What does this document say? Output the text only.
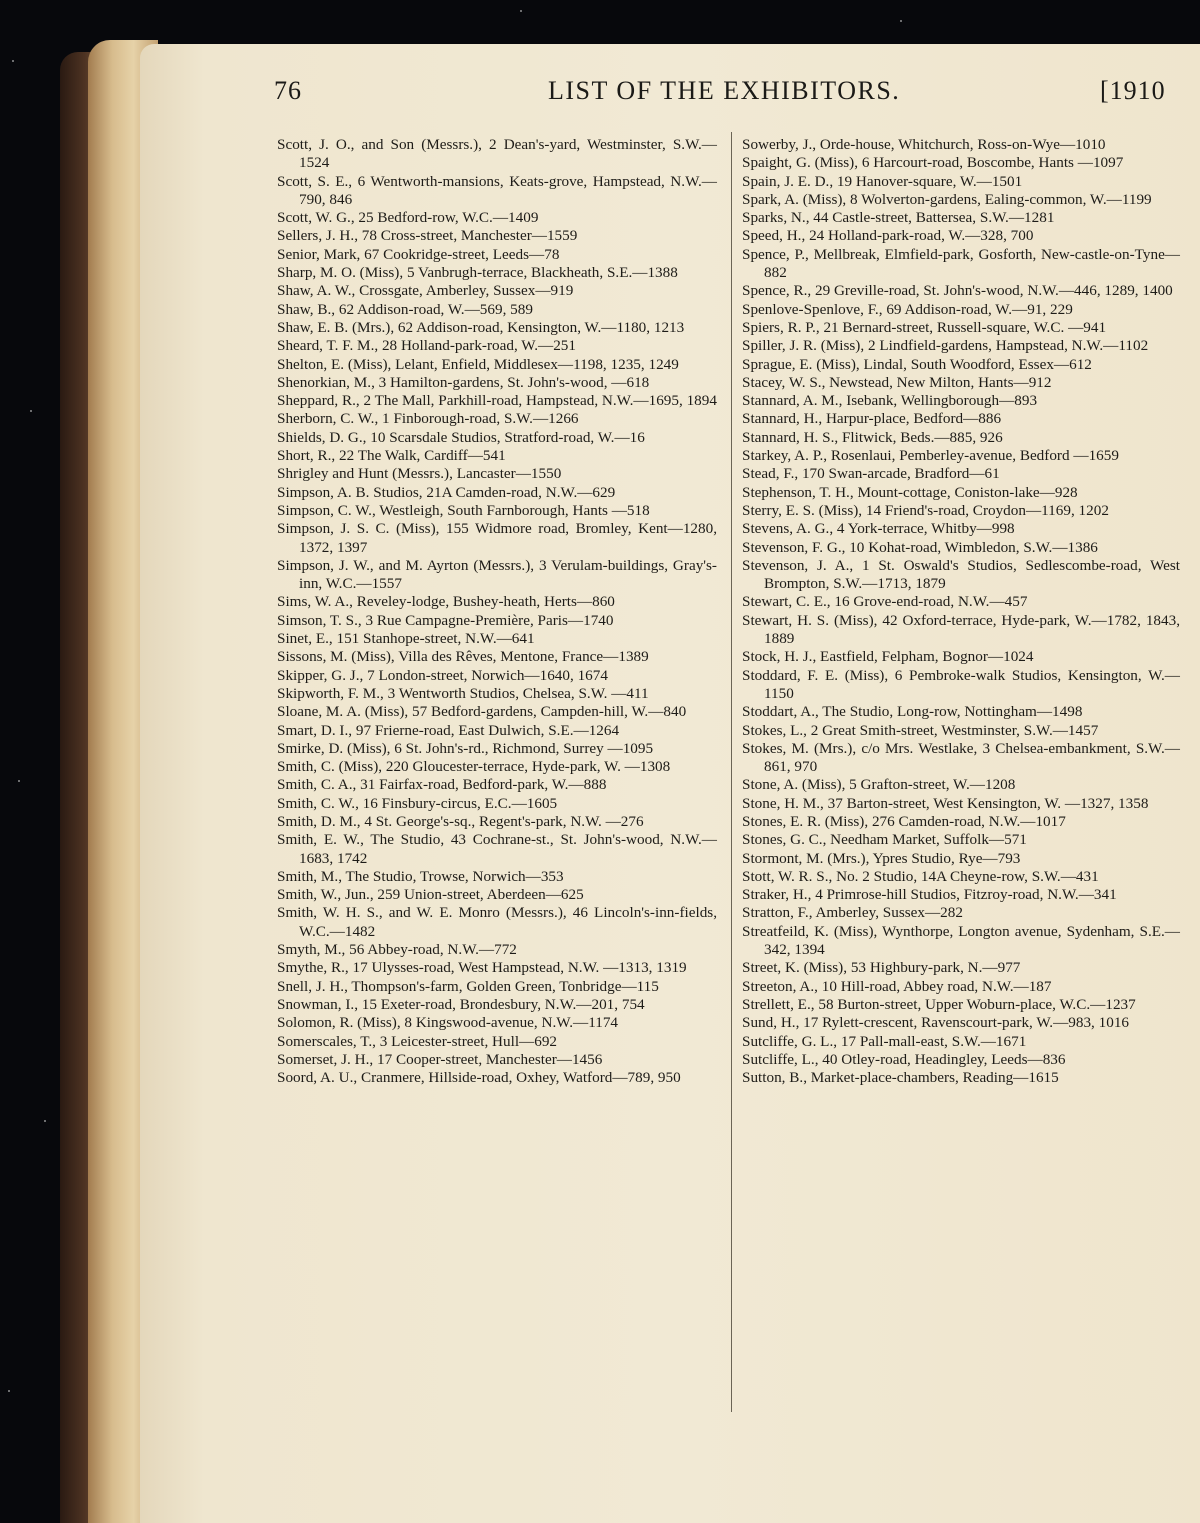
76	LIST OF THE EXHIBITORS.	[1910

Scott, J. O., and Son (Messrs.), 2 Dean's-yard, Westminster, S.W.—1524

Scott, S. E., 6 Wentworth-mansions, Keats-grove, Hampstead, N.W.—790, 846

Scott, W. G., 25 Bedford-row, W.C.—1409

Sellers, J. H., 78 Cross-street, Manchester—1559

Senior, Mark, 67 Cookridge-street, Leeds—78

Sharp, M. O. (Miss), 5 Vanbrugh-terrace, Blackheath, S.E.—1388

Shaw, A. W., Crossgate, Amberley, Sussex—919

Shaw, B., 62 Addison-road, W.—569, 589

Shaw, E. B. (Mrs.), 62 Addison-road, Kensington, W.—1180, 1213

Sheard, T. F. M., 28 Holland-park-road, W.—251

Shelton, E. (Miss), Lelant, Enfield, Middlesex—1198, 1235, 1249

Shenorkian, M., 3 Hamilton-gardens, St. John's-wood, —618

Sheppard, R., 2 The Mall, Parkhill-road, Hampstead, N.W.—1695, 1894

Sherborn, C. W., 1 Finborough-road, S.W.—1266

Shields, D. G., 10 Scarsdale Studios, Stratford-road, W.—16

Short, R., 22 The Walk, Cardiff—541

Shrigley and Hunt (Messrs.), Lancaster—1550

Simpson, A. B. Studios, 21A Camden-road, N.W.—629

Simpson, C. W., Westleigh, South Farnborough, Hants —518

Simpson, J. S. C. (Miss), 155 Widmore road, Bromley, Kent—1280, 1372, 1397

Simpson, J. W., and M. Ayrton (Messrs.), 3 Verulam-buildings, Gray's-inn, W.C.—1557

Sims, W. A., Reveley-lodge, Bushey-heath, Herts—860

Simson, T. S., 3 Rue Campagne-Première, Paris—1740

Sinet, E., 151 Stanhope-street, N.W.—641

Sissons, M. (Miss), Villa des Rêves, Mentone, France—1389

Skipper, G. J., 7 London-street, Norwich—1640, 1674

Skipworth, F. M., 3 Wentworth Studios, Chelsea, S.W. —411

Sloane, M. A. (Miss), 57 Bedford-gardens, Campden-hill, W.—840

Smart, D. I., 97 Frierne-road, East Dulwich, S.E.—1264

Smirke, D. (Miss), 6 St. John's-rd., Richmond, Surrey —1095

Smith, C. (Miss), 220 Gloucester-terrace, Hyde-park, W. —1308

Smith, C. A., 31 Fairfax-road, Bedford-park, W.—888

Smith, C. W., 16 Finsbury-circus, E.C.—1605

Smith, D. M., 4 St. George's-sq., Regent's-park, N.W. —276

Smith, E. W., The Studio, 43 Cochrane-st., St. John's-wood, N.W.—1683, 1742

Smith, M., The Studio, Trowse, Norwich—353

Smith, W., Jun., 259 Union-street, Aberdeen—625

Smith, W. H. S., and W. E. Monro (Messrs.), 46 Lincoln's-inn-fields, W.C.—1482

Smyth, M., 56 Abbey-road, N.W.—772

Smythe, R., 17 Ulysses-road, West Hampstead, N.W. —1313, 1319

Snell, J. H., Thompson's-farm, Golden Green, Tonbridge—115

Snowman, I., 15 Exeter-road, Brondesbury, N.W.—201, 754

Solomon, R. (Miss), 8 Kingswood-avenue, N.W.—1174

Somerscales, T., 3 Leicester-street, Hull—692

Somerset, J. H., 17 Cooper-street, Manchester—1456

Soord, A. U., Cranmere, Hillside-road, Oxhey, Watford—789, 950

Sowerby, J., Orde-house, Whitchurch, Ross-on-Wye—1010

Spaight, G. (Miss), 6 Harcourt-road, Boscombe, Hants —1097

Spain, J. E. D., 19 Hanover-square, W.—1501

Spark, A. (Miss), 8 Wolverton-gardens, Ealing-common, W.—1199

Sparks, N., 44 Castle-street, Battersea, S.W.—1281

Speed, H., 24 Holland-park-road, W.—328, 700

Spence, P., Mellbreak, Elmfield-park, Gosforth, New-castle-on-Tyne—882

Spence, R., 29 Greville-road, St. John's-wood, N.W.—446, 1289, 1400

Spenlove-Spenlove, F., 69 Addison-road, W.—91, 229

Spiers, R. P., 21 Bernard-street, Russell-square, W.C. —941

Spiller, J. R. (Miss), 2 Lindfield-gardens, Hampstead, N.W.—1102

Sprague, E. (Miss), Lindal, South Woodford, Essex—612

Stacey, W. S., Newstead, New Milton, Hants—912

Stannard, A. M., Isebank, Wellingborough—893

Stannard, H., Harpur-place, Bedford—886

Stannard, H. S., Flitwick, Beds.—885, 926

Starkey, A. P., Rosenlaui, Pemberley-avenue, Bedford —1659

Stead, F., 170 Swan-arcade, Bradford—61

Stephenson, T. H., Mount-cottage, Coniston-lake—928

Sterry, E. S. (Miss), 14 Friend's-road, Croydon—1169, 1202

Stevens, A. G., 4 York-terrace, Whitby—998

Stevenson, F. G., 10 Kohat-road, Wimbledon, S.W.—1386

Stevenson, J. A., 1 St. Oswald's Studios, Sedlescombe-road, West Brompton, S.W.—1713, 1879

Stewart, C. E., 16 Grove-end-road, N.W.—457

Stewart, H. S. (Miss), 42 Oxford-terrace, Hyde-park, W.—1782, 1843, 1889

Stock, H. J., Eastfield, Felpham, Bognor—1024

Stoddard, F. E. (Miss), 6 Pembroke-walk Studios, Kensington, W.—1150

Stoddart, A., The Studio, Long-row, Nottingham—1498

Stokes, L., 2 Great Smith-street, Westminster, S.W.—1457

Stokes, M. (Mrs.), c/o Mrs. Westlake, 3 Chelsea-embankment, S.W.—861, 970

Stone, A. (Miss), 5 Grafton-street, W.—1208

Stone, H. M., 37 Barton-street, West Kensington, W. —1327, 1358

Stones, E. R. (Miss), 276 Camden-road, N.W.—1017

Stones, G. C., Needham Market, Suffolk—571

Stormont, M. (Mrs.), Ypres Studio, Rye—793

Stott, W. R. S., No. 2 Studio, 14A Cheyne-row, S.W.—431

Straker, H., 4 Primrose-hill Studios, Fitzroy-road, N.W.—341

Stratton, F., Amberley, Sussex—282

Streatfeild, K. (Miss), Wynthorpe, Longton avenue, Sydenham, S.E.—342, 1394

Street, K. (Miss), 53 Highbury-park, N.—977

Streeton, A., 10 Hill-road, Abbey road, N.W.—187

Strellett, E., 58 Burton-street, Upper Woburn-place, W.C.—1237

Sund, H., 17 Rylett-crescent, Ravenscourt-park, W.—983, 1016

Sutcliffe, G. L., 17 Pall-mall-east, S.W.—1671

Sutcliffe, L., 40 Otley-road, Headingley, Leeds—836

Sutton, B., Market-place-chambers, Reading—1615
